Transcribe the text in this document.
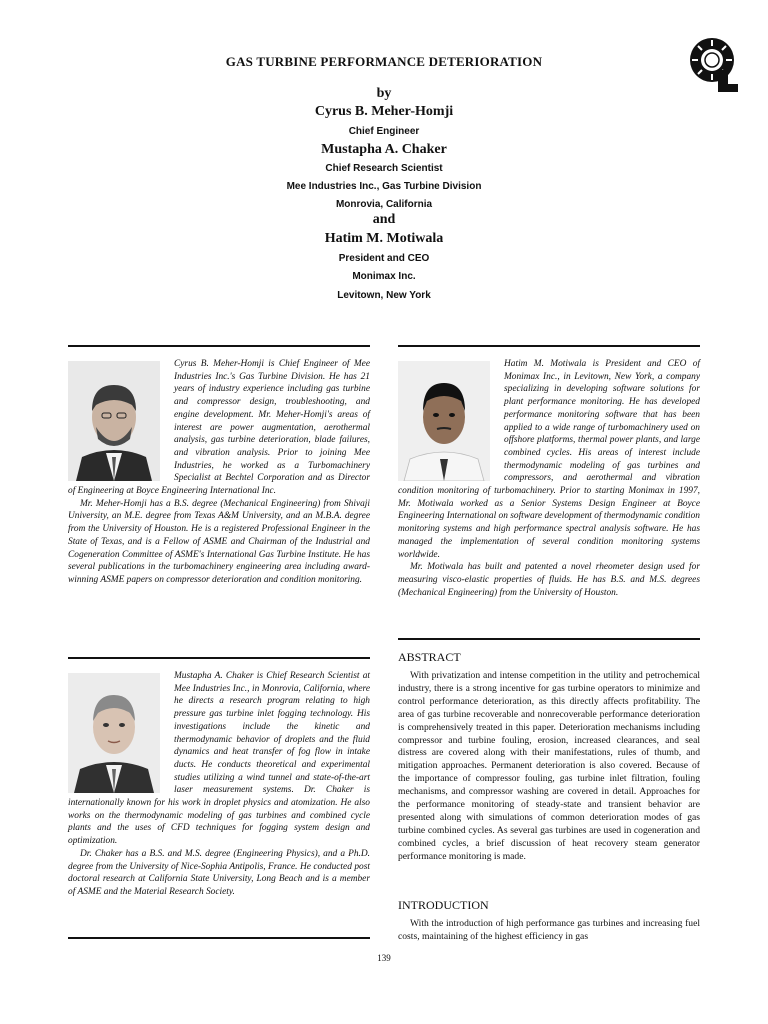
GAS TURBINE PERFORMANCE DETERIORATION
by
Cyrus B. Meher-Homji
Chief Engineer
Mustapha A. Chaker
Chief Research Scientist
Mee Industries Inc., Gas Turbine Division
Monrovia, California
and
Hatim M. Motiwala
President and CEO
Monimax Inc.
Levitown, New York

Cyrus B. Meher-Homji is Chief Engineer of Mee Industries Inc.'s Gas Turbine Division. He has 21 years of industry experience including gas turbine and compressor design, troubleshooting, and engine development. Mr. Meher-Homji's areas of interest are power augmentation, aerothermal analysis, gas turbine deterioration, blade failures, and vibration analysis. Prior to joining Mee Industries, he worked as a Turbomachinery Specialist at Bechtel Corporation and as Director of Engineering at Boyce Engineering International Inc.

Mr. Meher-Homji has a B.S. degree (Mechanical Engineering) from Shivaji University, an M.E. degree from Texas A&M University, and an M.B.A. degree from the University of Houston. He is a registered Professional Engineer in the State of Texas, and is a Fellow of ASME and Chairman of the Industrial and Cogeneration Committee of ASME's International Gas Turbine Institute. He has several publications in the turbomachinery engineering area including award-winning ASME papers on compressor deterioration and condition monitoring.

Mustapha A. Chaker is Chief Research Scientist at Mee Industries Inc., in Monrovia, California, where he directs a research program relating to high pressure gas turbine inlet fogging technology. His investigations include the kinetic and thermodynamic behavior of droplets and the fluid dynamics and heat transfer of fog flow in intake ducts. He conducts theoretical and experimental studies utilizing a wind tunnel and state-of-the-art laser measurement systems. Dr. Chaker is internationally known for his work in droplet physics and atomization. He also works on the thermodynamic modeling of gas turbines and combined cycle plants and the uses of CFD techniques for fogging system design and optimization.

Dr. Chaker has a B.S. and M.S. degree (Engineering Physics), and a Ph.D. degree from the University of Nice-Sophia Antipolis, France. He conducted post doctoral research at California State University, Long Beach and is a member of ASME and the Material Research Society.

Hatim M. Motiwala is President and CEO of Monimax Inc., in Levitown, New York, a company specializing in developing software solutions for plant performance monitoring. He has developed performance monitoring software that has been applied to a wide range of turbomachinery used on offshore platforms, thermal power plants, and large combined cycles. His areas of interest include thermodynamic modeling of gas turbines and compressors, and aerothermal and vibration condition monitoring of turbomachinery. Prior to starting Monimax in 1997, Mr. Motiwala worked as a Senior Systems Design Engineer at Boyce Engineering International on software development of thermodynamic condition monitoring systems and high performance spectral analysis software. He has managed the implementation of several condition monitoring systems worldwide.

Mr. Motiwala has built and patented a novel rheometer design used for measuring visco-elastic properties of fluids. He has B.S. and M.S. degrees (Mechanical Engineering) from the University of Houston.

ABSTRACT

With privatization and intense competition in the utility and petrochemical industry, there is a strong incentive for gas turbine operators to minimize and control performance deterioration, as this directly affects profitability. The area of gas turbine recoverable and nonrecoverable performance deterioration is comprehensively treated in this paper. Deterioration mechanisms including compressor and turbine fouling, erosion, increased clearances, and seal distress are covered along with their manifestations, rules of thumb, and mitigation approaches. Permanent deterioration is also covered. Because of the importance of compressor fouling, gas turbine inlet filtration, fouling mechanisms, and compressor washing are covered in detail. Approaches for the performance monitoring of steady-state and transient behavior are presented along with simulations of common deterioration modes of gas turbine combined cycles. As several gas turbines are used in cogeneration and combined cycles, a brief discussion of heat recovery steam generator performance monitoring is made.

INTRODUCTION

With the introduction of high performance gas turbines and increasing fuel costs, maintaining of the highest efficiency in gas

139
